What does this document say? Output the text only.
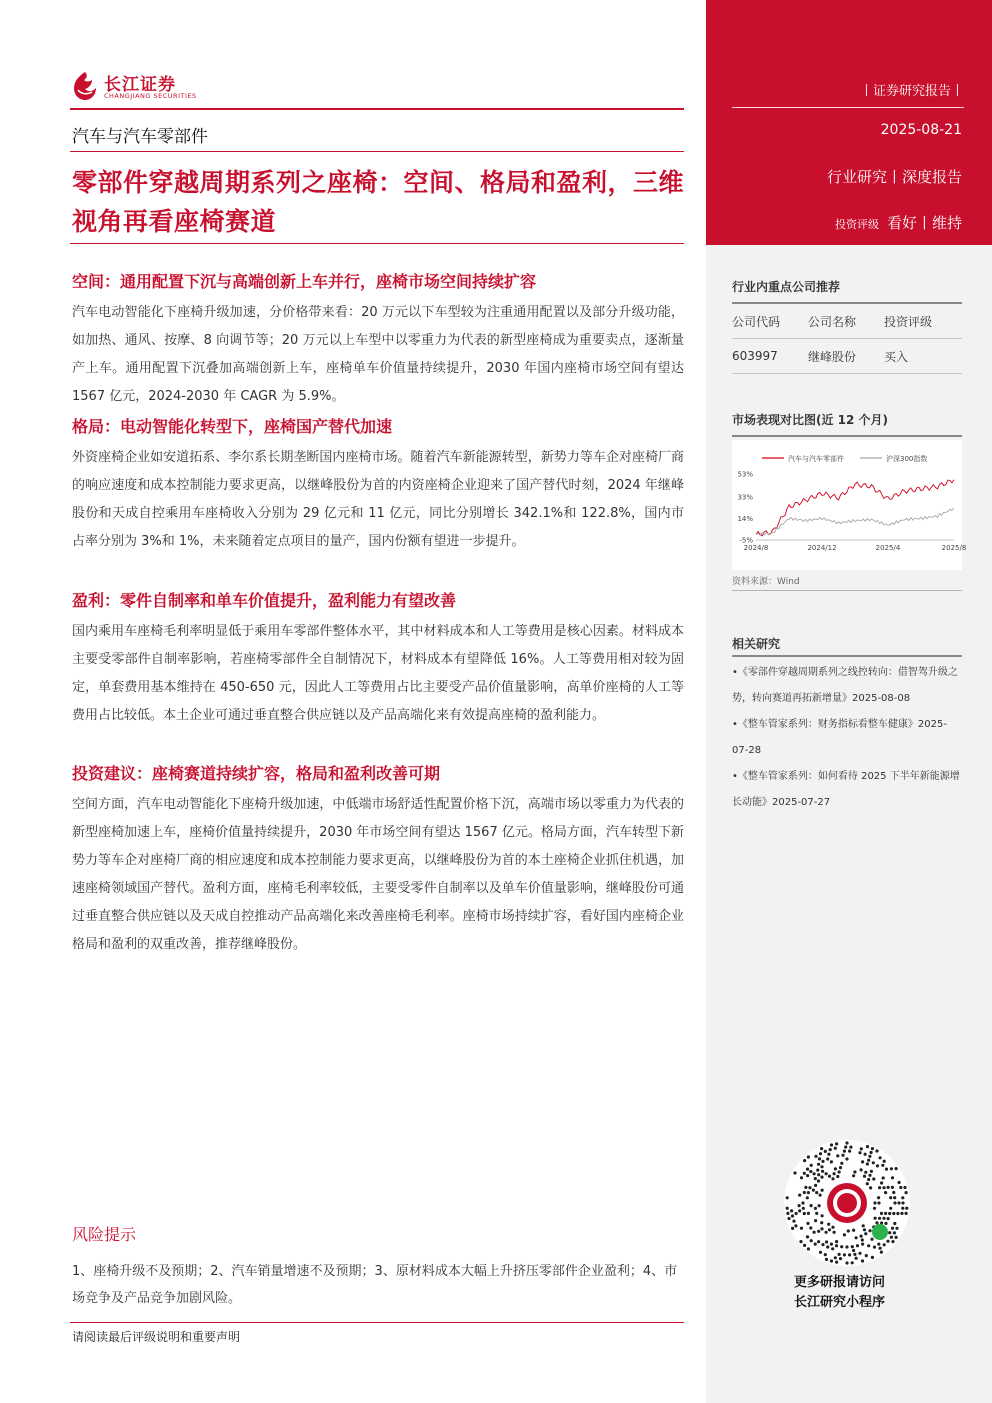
长江证券
CHANGJIANG SECURITIES
汽车与汽车零部件
零部件穿越周期系列之座椅：空间、格局和盈利，三维视角再看座椅赛道
空间：通用配置下沉与高端创新上车并行，座椅市场空间持续扩容

汽车电动智能化下座椅升级加速，分价格带来看：20 万元以下车型较为注重通用配置以及部分升级功能，如加热、通风、按摩、8 向调节等；20 万元以上车型中以零重力为代表的新型座椅成为重要卖点，逐渐量产上车。通用配置下沉叠加高端创新上车，座椅单车价值量持续提升，2030 年国内座椅市场空间有望达 1567 亿元，2024-2030 年 CAGR 为 5.9%。

格局：电动智能化转型下，座椅国产替代加速

外资座椅企业如安道拓系、李尔系长期垄断国内座椅市场。随着汽车新能源转型，新势力等车企对座椅厂商的响应速度和成本控制能力要求更高，以继峰股份为首的内资座椅企业迎来了国产替代时刻，2024 年继峰股份和天成自控乘用车座椅收入分别为 29 亿元和 11 亿元，同比分别增长 342.1%和 122.8%，国内市占率分别为 3%和 1%，未来随着定点项目的量产，国内份额有望进一步提升。

盈利：零件自制率和单车价值提升，盈利能力有望改善

国内乘用车座椅毛利率明显低于乘用车零部件整体水平，其中材料成本和人工等费用是核心因素。材料成本主要受零部件自制率影响，若座椅零部件全自制情况下，材料成本有望降低 16%。人工等费用相对较为固定，单套费用基本维持在 450-650 元，因此人工等费用占比主要受产品价值量影响，高单价座椅的人工等费用占比较低。本土企业可通过垂直整合供应链以及产品高端化来有效提高座椅的盈利能力。

投资建议：座椅赛道持续扩容，格局和盈利改善可期

空间方面，汽车电动智能化下座椅升级加速，中低端市场舒适性配置价格下沉，高端市场以零重力为代表的新型座椅加速上车，座椅价值量持续提升，2030 年市场空间有望达 1567 亿元。格局方面，汽车转型下新势力等车企对座椅厂商的相应速度和成本控制能力要求更高，以继峰股份为首的本土座椅企业抓住机遇，加速座椅领域国产替代。盈利方面，座椅毛利率较低，主要受零件自制率以及单车价值量影响，继峰股份可通过垂直整合供应链以及天成自控推动产品高端化来改善座椅毛利率。座椅市场持续扩容，看好国内座椅企业格局和盈利的双重改善，推荐继峰股份。

风险提示

1、座椅升级不及预期；2、汽车销量增速不及预期；3、原材料成本大幅上升挤压零部件企业盈利；4、市场竞争及产品竞争加剧风险。

请阅读最后评级说明和重要声明
丨证券研究报告丨
2025-08-21
行业研究丨深度报告
投资评级 看好丨维持
行业内重点公司推荐
公司代码	公司名称	投资评级
603997	继峰股份	买入
市场表现对比图(近 12 个月)
汽车与汽车零部件	沪深300指数
53%
33%
14%
-5%
2024/8	2024/12	2025/4	2025/8
资料来源：Wind
相关研究
•《零部件穿越周期系列之线控转向：借智驾升级之势，转向赛道再拓新增量》2025-08-08
•《整车管家系列：财务指标看整车健康》2025-07-28
•《整车管家系列：如何看待 2025 下半年新能源增长动能》2025-07-27
更多研报请访问
长江研究小程序
